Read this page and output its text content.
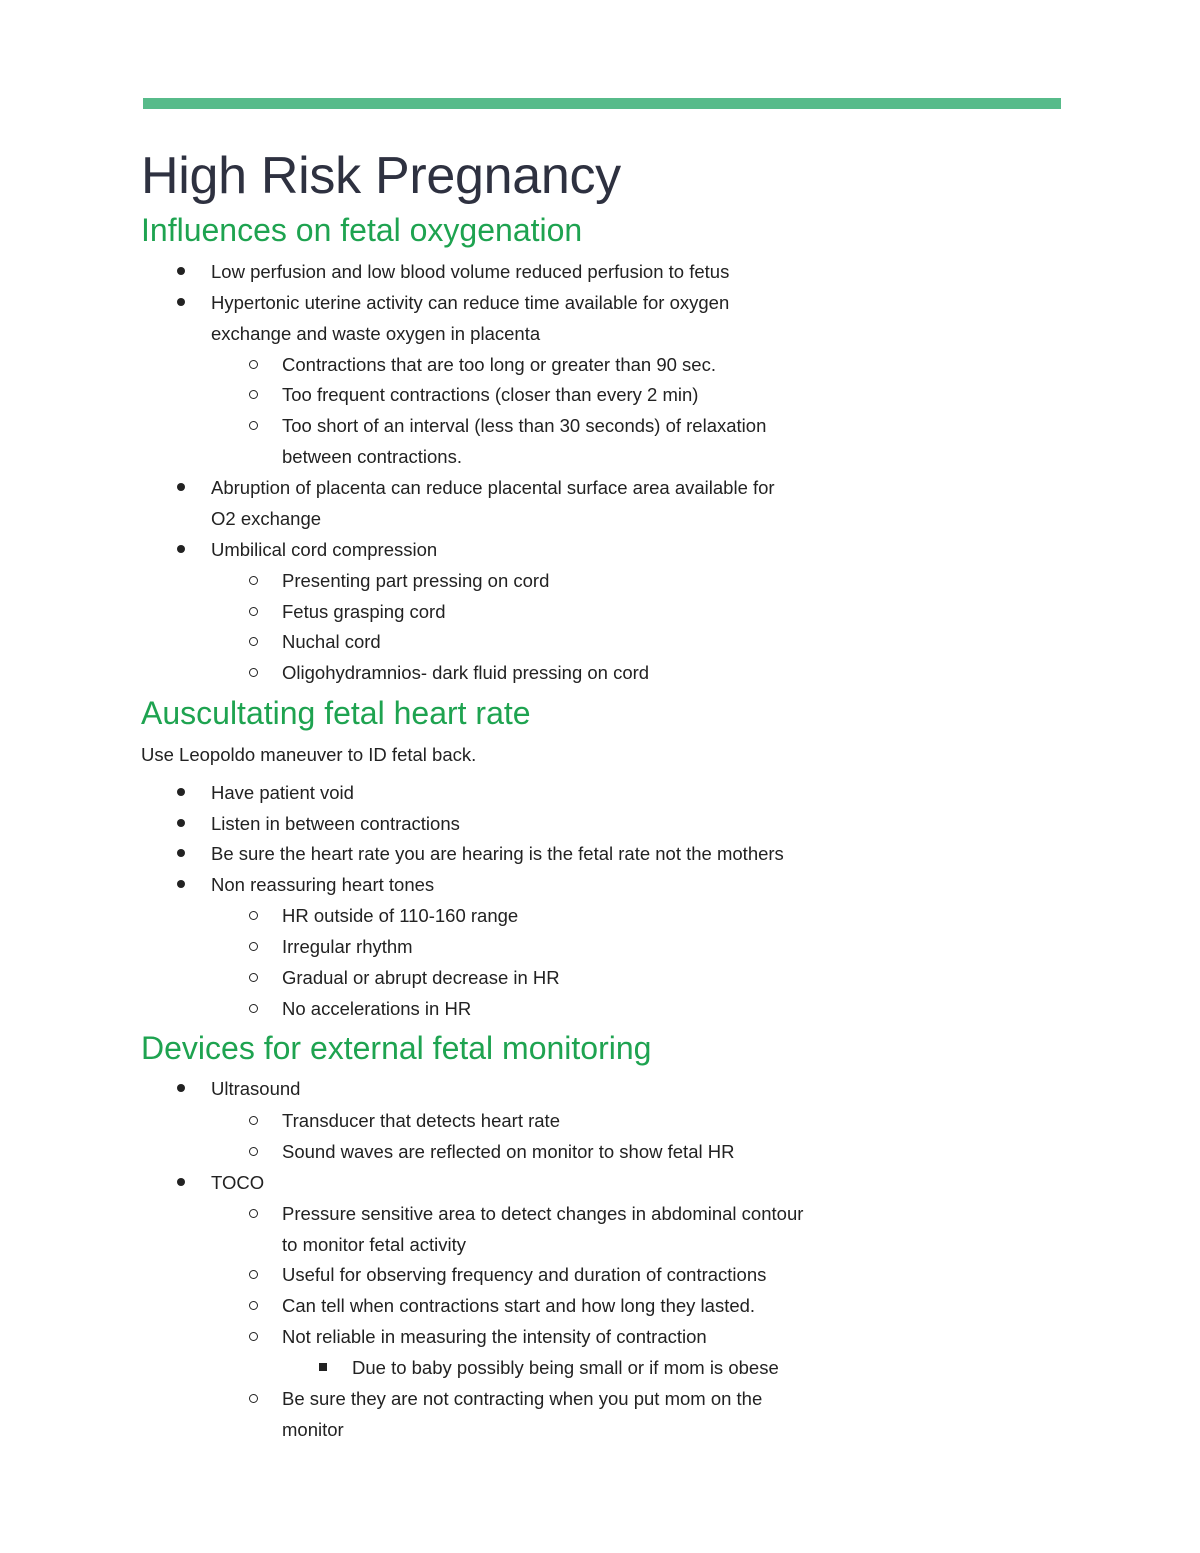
High Risk Pregnancy
Influences on fetal oxygenation

Low perfusion and low blood volume reduced perfusion to fetus

Hypertonic uterine activity can reduce time available for oxygen

exchange and waste oxygen in placenta

Contractions that are too long or greater than 90 sec.

Too frequent contractions (closer than every 2 min)

Too short of an interval (less than 30 seconds) of relaxation

between contractions.

Abruption of placenta can reduce placental surface area available for

O2 exchange

Umbilical cord compression

Presenting part pressing on cord

Fetus grasping cord

Nuchal cord

Oligohydramnios- dark fluid pressing on cord

Auscultating fetal heart rate

Use Leopoldo maneuver to ID fetal back.

Have patient void

Listen in between contractions

Be sure the heart rate you are hearing is the fetal rate not the mothers

Non reassuring heart tones

HR outside of 110-160 range

Irregular rhythm

Gradual or abrupt decrease in HR

No accelerations in HR

Devices for external fetal monitoring

Ultrasound

Transducer that detects heart rate

Sound waves are reflected on monitor to show fetal HR

TOCO

Pressure sensitive area to detect changes in abdominal contour

to monitor fetal activity

Useful for observing frequency and duration of contractions

Can tell when contractions start and how long they lasted.

Not reliable in measuring the intensity of contraction

Due to baby possibly being small or if mom is obese

Be sure they are not contracting when you put mom on the

monitor
